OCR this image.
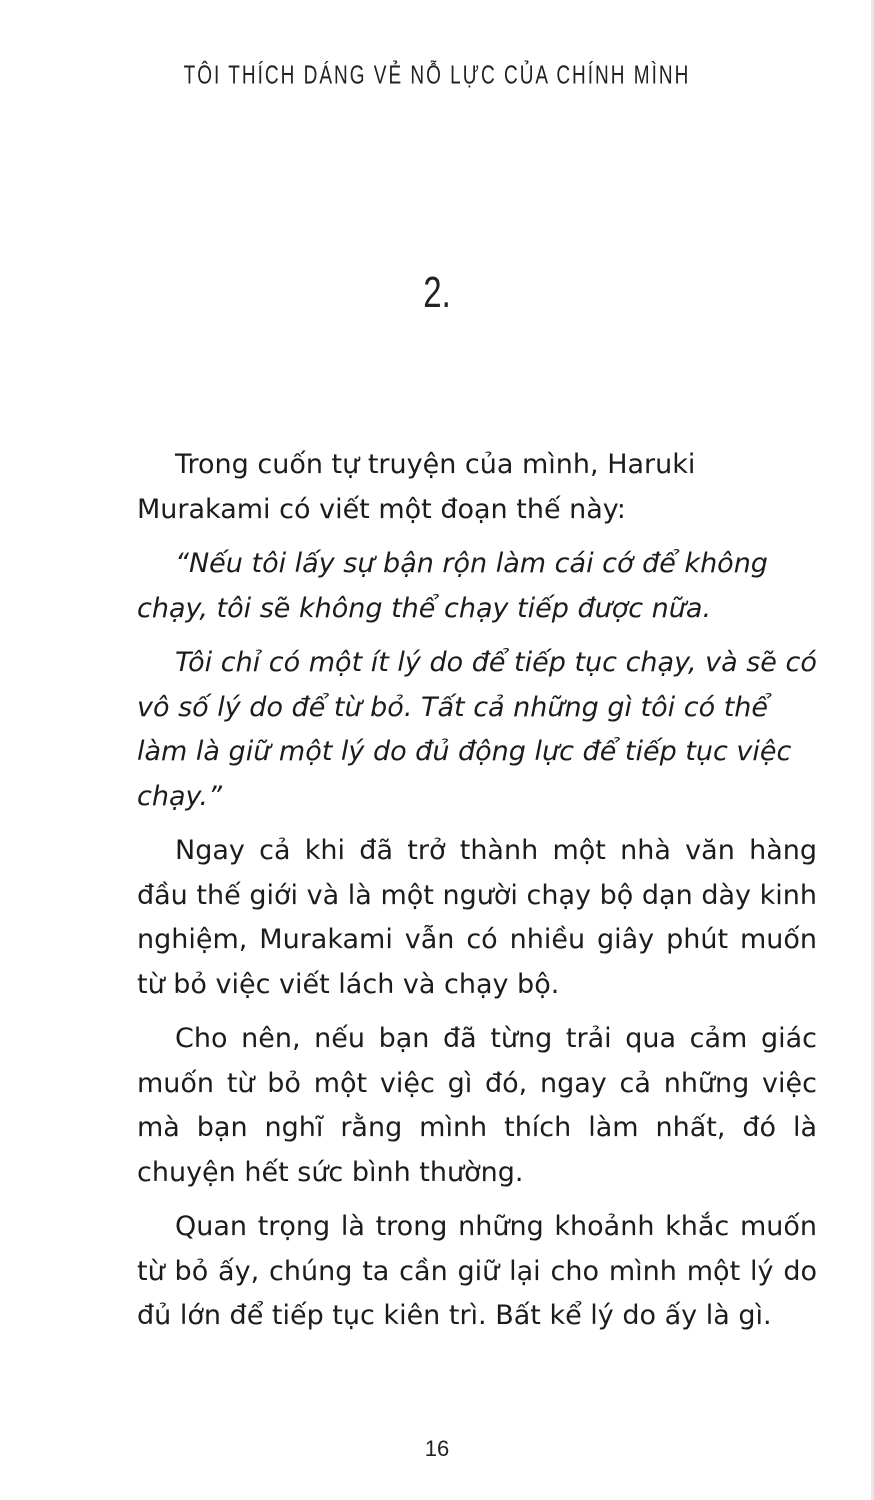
TÔI THÍCH DÁNG VẺ NỖ LỰC CỦA CHÍNH MÌNH
2.

Trong cuốn tự truyện của mình, Haruki Murakami có viết một đoạn thế này:

“Nếu tôi lấy sự bận rộn làm cái cớ để không chạy, tôi sẽ không thể chạy tiếp được nữa.

Tôi chỉ có một ít lý do để tiếp tục chạy, và sẽ có vô số lý do để từ bỏ. Tất cả những gì tôi có thể làm là giữ một lý do đủ động lực để tiếp tục việc chạy.”

Ngay cả khi đã trở thành một nhà văn hàng đầu thế giới và là một người chạy bộ dạn dày kinh nghiệm, Murakami vẫn có nhiều giây phút muốn từ bỏ việc viết lách và chạy bộ.

Cho nên, nếu bạn đã từng trải qua cảm giác muốn từ bỏ một việc gì đó, ngay cả những việc mà bạn nghĩ rằng mình thích làm nhất, đó là chuyện hết sức bình thường.

Quan trọng là trong những khoảnh khắc muốn từ bỏ ấy, chúng ta cần giữ lại cho mình một lý do đủ lớn để tiếp tục kiên trì. Bất kể lý do ấy là gì.

16
